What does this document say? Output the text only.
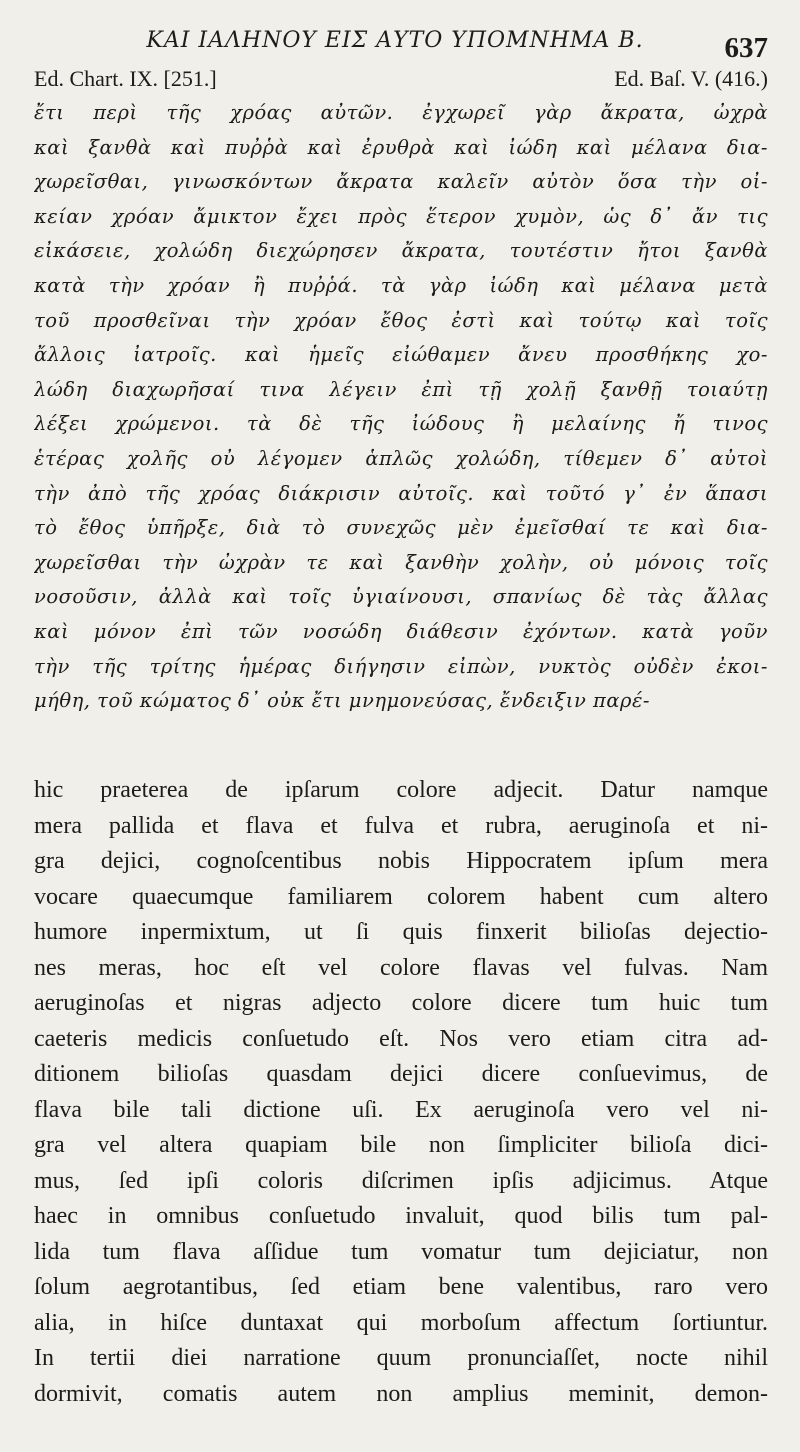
ΚΑΙ ΙΑΛΗΝΟΥ ΕΙΣ ΑΥΤΟ ΥΠΟΜΝΗΜΑ Β.	637
Ed. Chart. IX. [251.]	Ed. Baſ. V. (416.)
ἔτι περὶ τῆς χρόας αὐτῶν. ἐγχωρεῖ γὰρ ἄκρατα, ὠχρὰ
καὶ ξανθὰ καὶ πυῤῥὰ καὶ ἐρυθρὰ καὶ ἰώδη καὶ μέλανα δια-
χωρεῖσθαι, γινωσκόντων ἄκρατα καλεῖν αὐτὸν ὅσα τὴν οἰ-
κείαν χρόαν ἄμικτον ἔχει πρὸς ἕτερον χυμὸν, ὡς δ᾽ ἄν τις
εἰκάσειε, χολώδη διεχώρησεν ἄκρατα, τουτέστιν ἤτοι ξανθὰ
κατὰ τὴν χρόαν ἢ πυῤῥά. τὰ γὰρ ἰώδη καὶ μέλανα μετὰ
τοῦ προσθεῖναι τὴν χρόαν ἔθος ἐστὶ καὶ τούτῳ καὶ τοῖς
ἄλλοις ἰατροῖς. καὶ ἡμεῖς εἰώθαμεν ἄνευ προσθήκης χο-
λώδη διαχωρῆσαί τινα λέγειν ἐπὶ τῇ χολῇ ξανθῇ τοιαύτῃ
λέξει χρώμενοι. τὰ δὲ τῆς ἰώδους ἢ μελαίνης ἤ τινος
ἑτέρας χολῆς οὐ λέγομεν ἁπλῶς χολώδη, τίθεμεν δ᾽ αὐτοὶ
τὴν ἀπὸ τῆς χρόας διάκρισιν αὐτοῖς. καὶ τοῦτό γ᾽ ἐν ἅπασι
τὸ ἔθος ὑπῆρξε, διὰ τὸ συνεχῶς μὲν ἐμεῖσθαί τε καὶ δια-
χωρεῖσθαι τὴν ὠχρὰν τε καὶ ξανθὴν χολὴν, οὐ μόνοις τοῖς
νοσοῦσιν, ἀλλὰ καὶ τοῖς ὑγιαίνουσι, σπανίως δὲ τὰς ἄλλας
καὶ μόνον ἐπὶ τῶν νοσώδη διάθεσιν ἐχόντων. κατὰ γοῦν
τὴν τῆς τρίτης ἡμέρας διήγησιν εἰπὼν, νυκτὸς οὐδὲν ἐκοι-
μήθη, τοῦ κώματος δ᾽ οὐκ ἔτι μνημονεύσας, ἔνδειξιν παρέ-
hic praeterea de ipſarum colore adjecit. Datur namque
mera pallida et flava et fulva et rubra, aeruginoſa et ni-
gra dejici, cognoſcentibus nobis Hippocratem ipſum mera
vocare quaecumque familiarem colorem habent cum altero
humore inpermixtum, ut ſi quis finxerit bilioſas dejectio-
nes meras, hoc eſt vel colore flavas vel fulvas. Nam
aeruginoſas et nigras adjecto colore dicere tum huic tum
caeteris medicis conſuetudo eſt. Nos vero etiam citra ad-
ditionem bilioſas quasdam dejici dicere conſuevimus, de
flava bile tali dictione uſi. Ex aeruginoſa vero vel ni-
gra vel altera quapiam bile non ſimpliciter bilioſa dici-
mus, ſed ipſi coloris diſcrimen ipſis adjicimus. Atque
haec in omnibus conſuetudo invaluit, quod bilis tum pal-
lida tum flava aſſidue tum vomatur tum dejiciatur, non
ſolum aegrotantibus, ſed etiam bene valentibus, raro vero
alia, in hiſce duntaxat qui morboſum affectum ſortiuntur.
In tertii diei narratione quum pronunciaſſet, nocte nihil
dormivit, comatis autem non amplius meminit, demon-
